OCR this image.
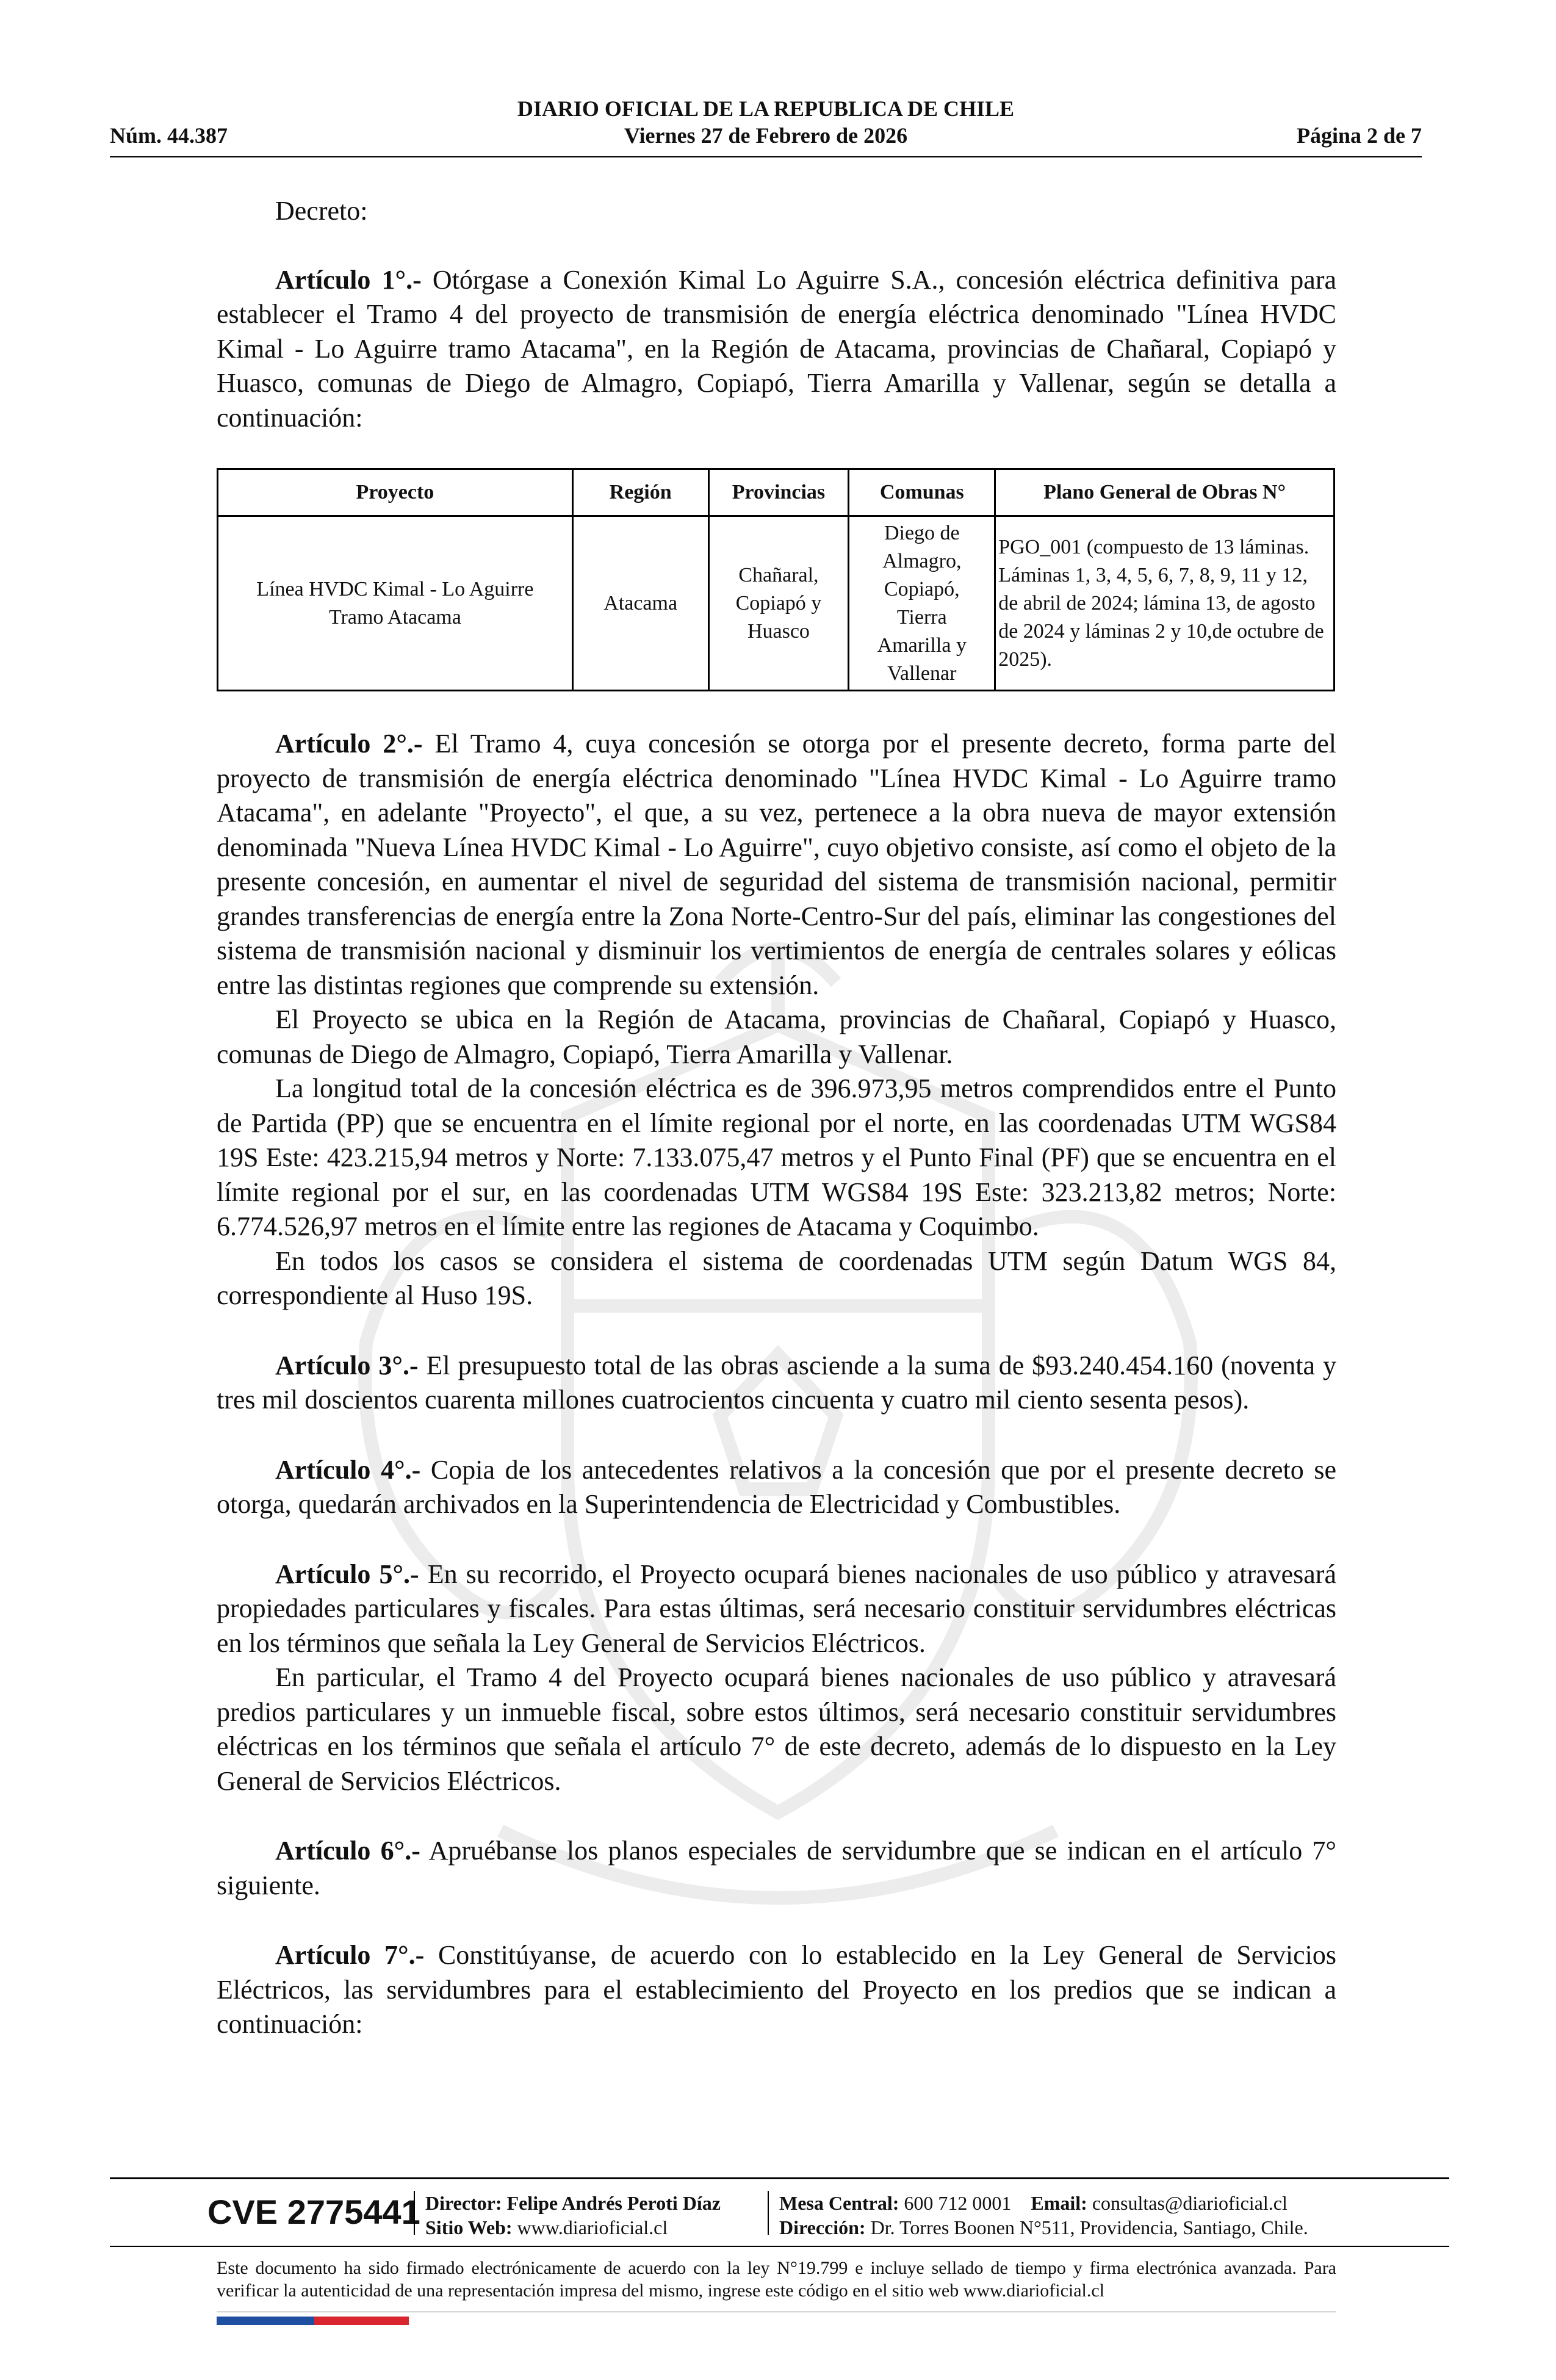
DIARIO OFICIAL DE LA REPUBLICA DE CHILE
Núm. 44.387	Viernes 27 de Febrero de 2026	Página 2 de 7

Decreto:

Artículo 1°.- Otórgase a Conexión Kimal Lo Aguirre S.A., concesión eléctrica definitiva para establecer el Tramo 4 del proyecto de transmisión de energía eléctrica denominado "Línea HVDC Kimal - Lo Aguirre tramo Atacama", en la Región de Atacama, provincias de Chañaral, Copiapó y Huasco, comunas de Diego de Almagro, Copiapó, Tierra Amarilla y Vallenar, según se detalla a continuación:

Proyecto	Región	Provincias	Comunas	Plano General de Obras N°
Línea HVDC Kimal - Lo Aguirre Tramo Atacama	Atacama	Chañaral, Copiapó y Huasco	Diego de Almagro, Copiapó, Tierra Amarilla y Vallenar	PGO_001 (compuesto de 13 láminas. Láminas 1, 3, 4, 5, 6, 7, 8, 9, 11 y 12, de abril de 2024; lámina 13, de agosto de 2024 y láminas 2 y 10,de octubre de 2025).

Artículo 2°.- El Tramo 4, cuya concesión se otorga por el presente decreto, forma parte del proyecto de transmisión de energía eléctrica denominado "Línea HVDC Kimal - Lo Aguirre tramo Atacama", en adelante "Proyecto", el que, a su vez, pertenece a la obra nueva de mayor extensión denominada "Nueva Línea HVDC Kimal - Lo Aguirre", cuyo objetivo consiste, así como el objeto de la presente concesión, en aumentar el nivel de seguridad del sistema de transmisión nacional, permitir grandes transferencias de energía entre la Zona Norte-Centro-Sur del país, eliminar las congestiones del sistema de transmisión nacional y disminuir los vertimientos de energía de centrales solares y eólicas entre las distintas regiones que comprende su extensión.

El Proyecto se ubica en la Región de Atacama, provincias de Chañaral, Copiapó y Huasco, comunas de Diego de Almagro, Copiapó, Tierra Amarilla y Vallenar.

La longitud total de la concesión eléctrica es de 396.973,95 metros comprendidos entre el Punto de Partida (PP) que se encuentra en el límite regional por el norte, en las coordenadas UTM WGS84 19S Este: 423.215,94 metros y Norte: 7.133.075,47 metros y el Punto Final (PF) que se encuentra en el límite regional por el sur, en las coordenadas UTM WGS84 19S Este: 323.213,82 metros; Norte: 6.774.526,97 metros en el límite entre las regiones de Atacama y Coquimbo.

En todos los casos se considera el sistema de coordenadas UTM según Datum WGS 84, correspondiente al Huso 19S.

Artículo 3°.- El presupuesto total de las obras asciende a la suma de $93.240.454.160 (noventa y tres mil doscientos cuarenta millones cuatrocientos cincuenta y cuatro mil ciento sesenta pesos).

Artículo 4°.- Copia de los antecedentes relativos a la concesión que por el presente decreto se otorga, quedarán archivados en la Superintendencia de Electricidad y Combustibles.

Artículo 5°.- En su recorrido, el Proyecto ocupará bienes nacionales de uso público y atravesará propiedades particulares y fiscales. Para estas últimas, será necesario constituir servidumbres eléctricas en los términos que señala la Ley General de Servicios Eléctricos.

En particular, el Tramo 4 del Proyecto ocupará bienes nacionales de uso público y atravesará predios particulares y un inmueble fiscal, sobre estos últimos, será necesario constituir servidumbres eléctricas en los términos que señala el artículo 7° de este decreto, además de lo dispuesto en la Ley General de Servicios Eléctricos.

Artículo 6°.- Apruébanse los planos especiales de servidumbre que se indican en el artículo 7° siguiente.

Artículo 7°.- Constitúyanse, de acuerdo con lo establecido en la Ley General de Servicios Eléctricos, las servidumbres para el establecimiento del Proyecto en los predios que se indican a continuación:

CVE 2775441 Director: Felipe Andrés Peroti Díaz
Sitio Web: www.diarioficial.cl
Mesa Central: 600 712 0001 Email: consultas@diarioficial.cl
Dirección: Dr. Torres Boonen N°511, Providencia, Santiago, Chile.
Este documento ha sido firmado electrónicamente de acuerdo con la ley N°19.799 e incluye sellado de tiempo y firma electrónica avanzada. Para verificar la autenticidad de una representación impresa del mismo, ingrese este código en el sitio web www.diarioficial.cl
